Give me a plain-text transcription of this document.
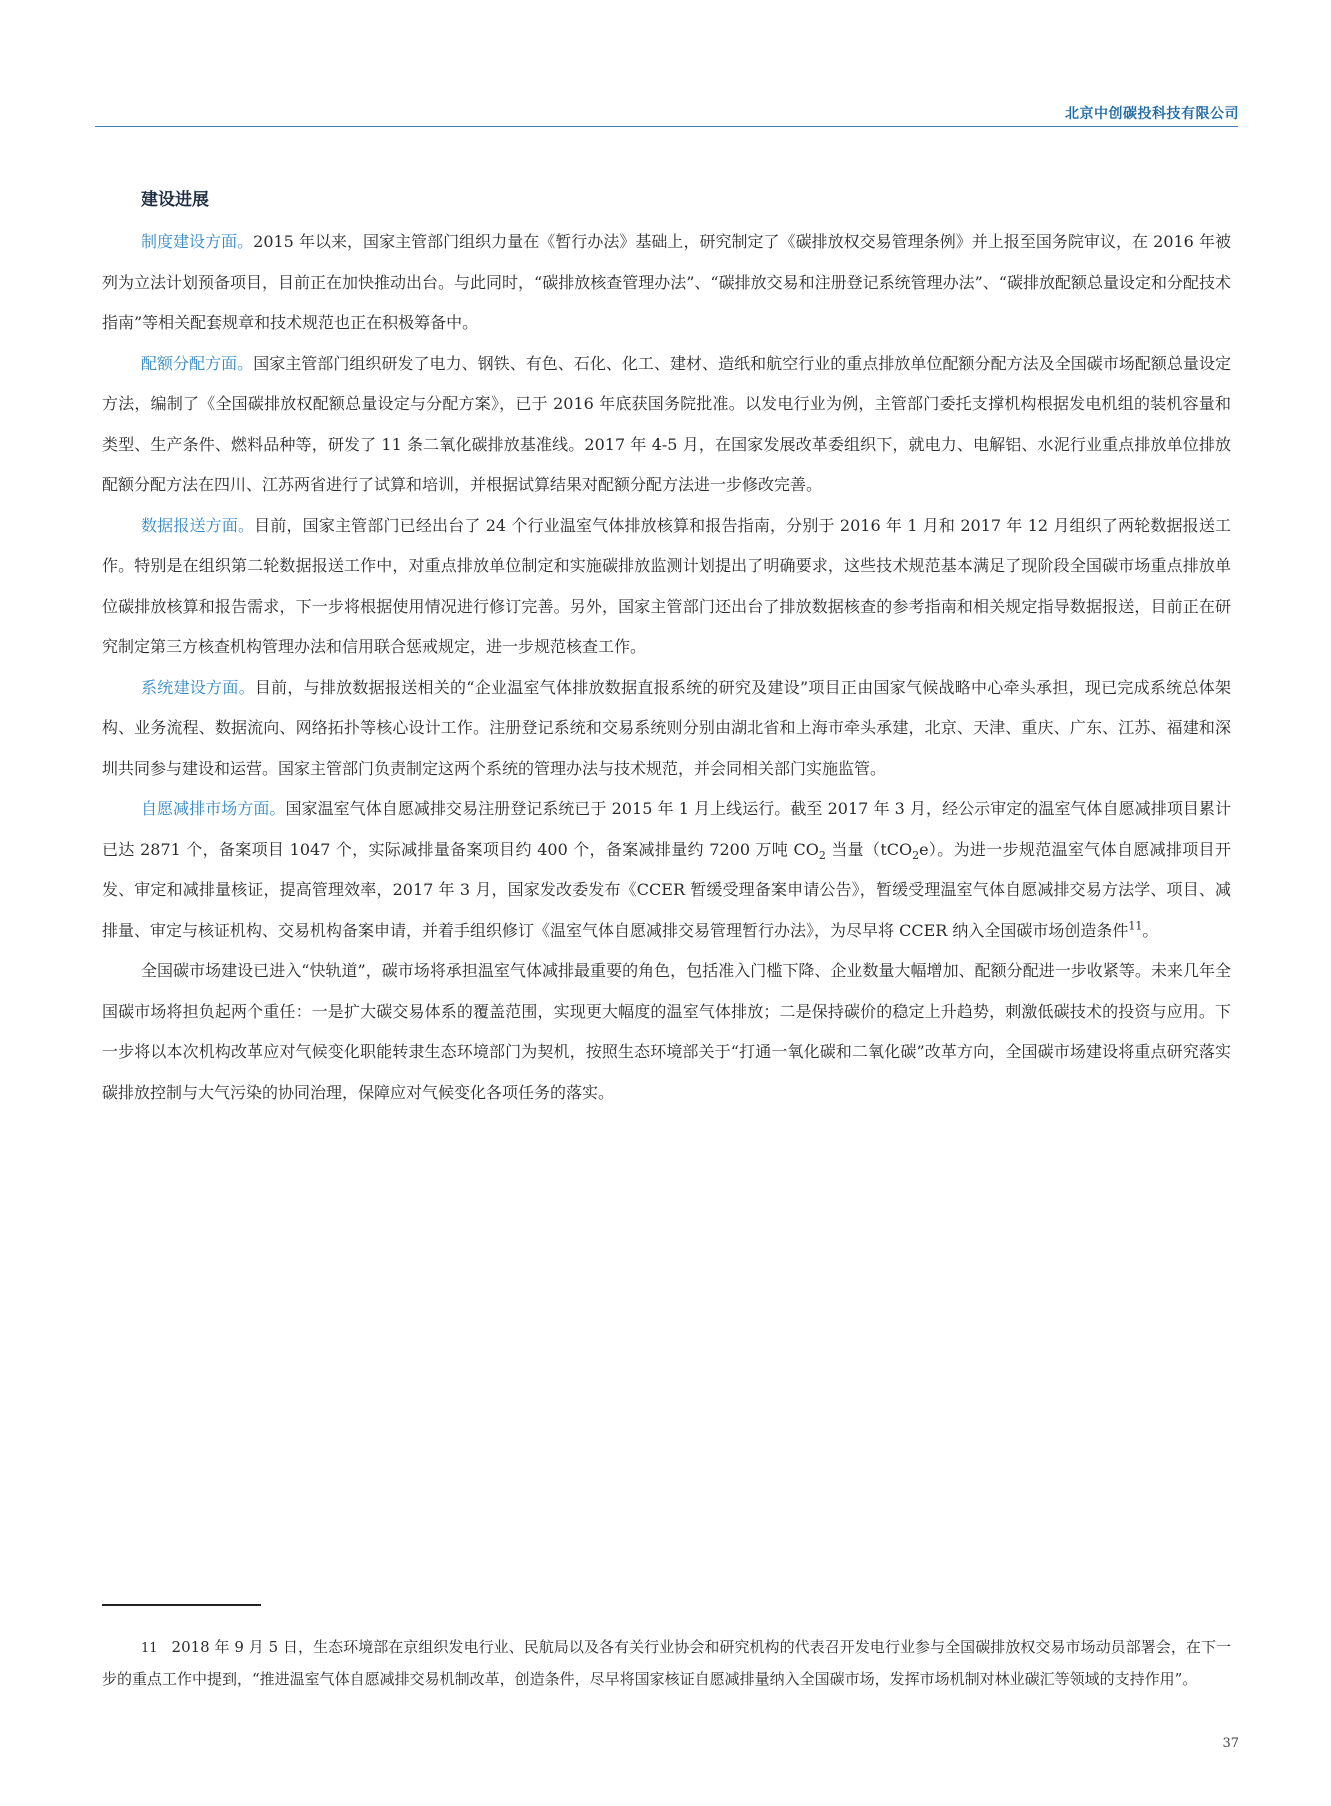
北京中创碳投科技有限公司
建设进展

制度建设方面。2015 年以来，国家主管部门组织力量在《暂行办法》基础上，研究制定了《碳排放权交易管理条例》并上报至国务院审议，在 2016 年被列为立法计划预备项目，目前正在加快推动出台。与此同时，“碳排放核查管理办法”、“碳排放交易和注册登记系统管理办法”、“碳排放配额总量设定和分配技术指南”等相关配套规章和技术规范也正在积极筹备中。

配额分配方面。国家主管部门组织研发了电力、钢铁、有色、石化、化工、建材、造纸和航空行业的重点排放单位配额分配方法及全国碳市场配额总量设定方法，编制了《全国碳排放权配额总量设定与分配方案》，已于 2016 年底获国务院批准。以发电行业为例，主管部门委托支撑机构根据发电机组的装机容量和类型、生产条件、燃料品种等，研发了 11 条二氧化碳排放基准线。2017 年 4-5 月，在国家发展改革委组织下，就电力、电解铝、水泥行业重点排放单位排放配额分配方法在四川、江苏两省进行了试算和培训，并根据试算结果对配额分配方法进一步修改完善。

数据报送方面。目前，国家主管部门已经出台了 24 个行业温室气体排放核算和报告指南，分别于 2016 年 1 月和 2017 年 12 月组织了两轮数据报送工作。特别是在组织第二轮数据报送工作中，对重点排放单位制定和实施碳排放监测计划提出了明确要求，这些技术规范基本满足了现阶段全国碳市场重点排放单位碳排放核算和报告需求，下一步将根据使用情况进行修订完善。另外，国家主管部门还出台了排放数据核查的参考指南和相关规定指导数据报送，目前正在研究制定第三方核查机构管理办法和信用联合惩戒规定，进一步规范核查工作。

系统建设方面。目前，与排放数据报送相关的“企业温室气体排放数据直报系统的研究及建设”项目正由国家气候战略中心牵头承担，现已完成系统总体架构、业务流程、数据流向、网络拓扑等核心设计工作。注册登记系统和交易系统则分别由湖北省和上海市牵头承建，北京、天津、重庆、广东、江苏、福建和深圳共同参与建设和运营。国家主管部门负责制定这两个系统的管理办法与技术规范，并会同相关部门实施监管。

自愿减排市场方面。国家温室气体自愿减排交易注册登记系统已于 2015 年 1 月上线运行。截至 2017 年 3 月，经公示审定的温室气体自愿减排项目累计已达 2871 个，备案项目 1047 个，实际减排量备案项目约 400 个，备案减排量约 7200 万吨 $CO_2$ 当量（tCO$_2$e）。为进一步规范温室气体自愿减排项目开发、审定和减排量核证，提高管理效率，2017 年 3 月，国家发改委发布《CCER 暂缓受理备案申请公告》，暂缓受理温室气体自愿减排交易方法学、项目、减排量、审定与核证机构、交易机构备案申请，并着手组织修订《温室气体自愿减排交易管理暂行办法》，为尽早将 CCER 纳入全国碳市场创造条件$^{11}$。

全国碳市场建设已进入“快轨道”，碳市场将承担温室气体减排最重要的角色，包括准入门槛下降、企业数量大幅增加、配额分配进一步收紧等。未来几年全国碳市场将担负起两个重任：一是扩大碳交易体系的覆盖范围，实现更大幅度的温室气体排放；二是保持碳价的稳定上升趋势，刺激低碳技术的投资与应用。下一步将以本次机构改革应对气候变化职能转隶生态环境部门为契机，按照生态环境部关于“打通一氧化碳和二氧化碳”改革方向，全国碳市场建设将重点研究落实碳排放控制与大气污染的协同治理，保障应对气候变化各项任务的落实。

11 2018 年 9 月 5 日，生态环境部在京组织发电行业、民航局以及各有关行业协会和研究机构的代表召开发电行业参与全国碳排放权交易市场动员部署会，在下一步的重点工作中提到，“推进温室气体自愿减排交易机制改革，创造条件，尽早将国家核证自愿减排量纳入全国碳市场，发挥市场机制对林业碳汇等领域的支持作用”。

37
